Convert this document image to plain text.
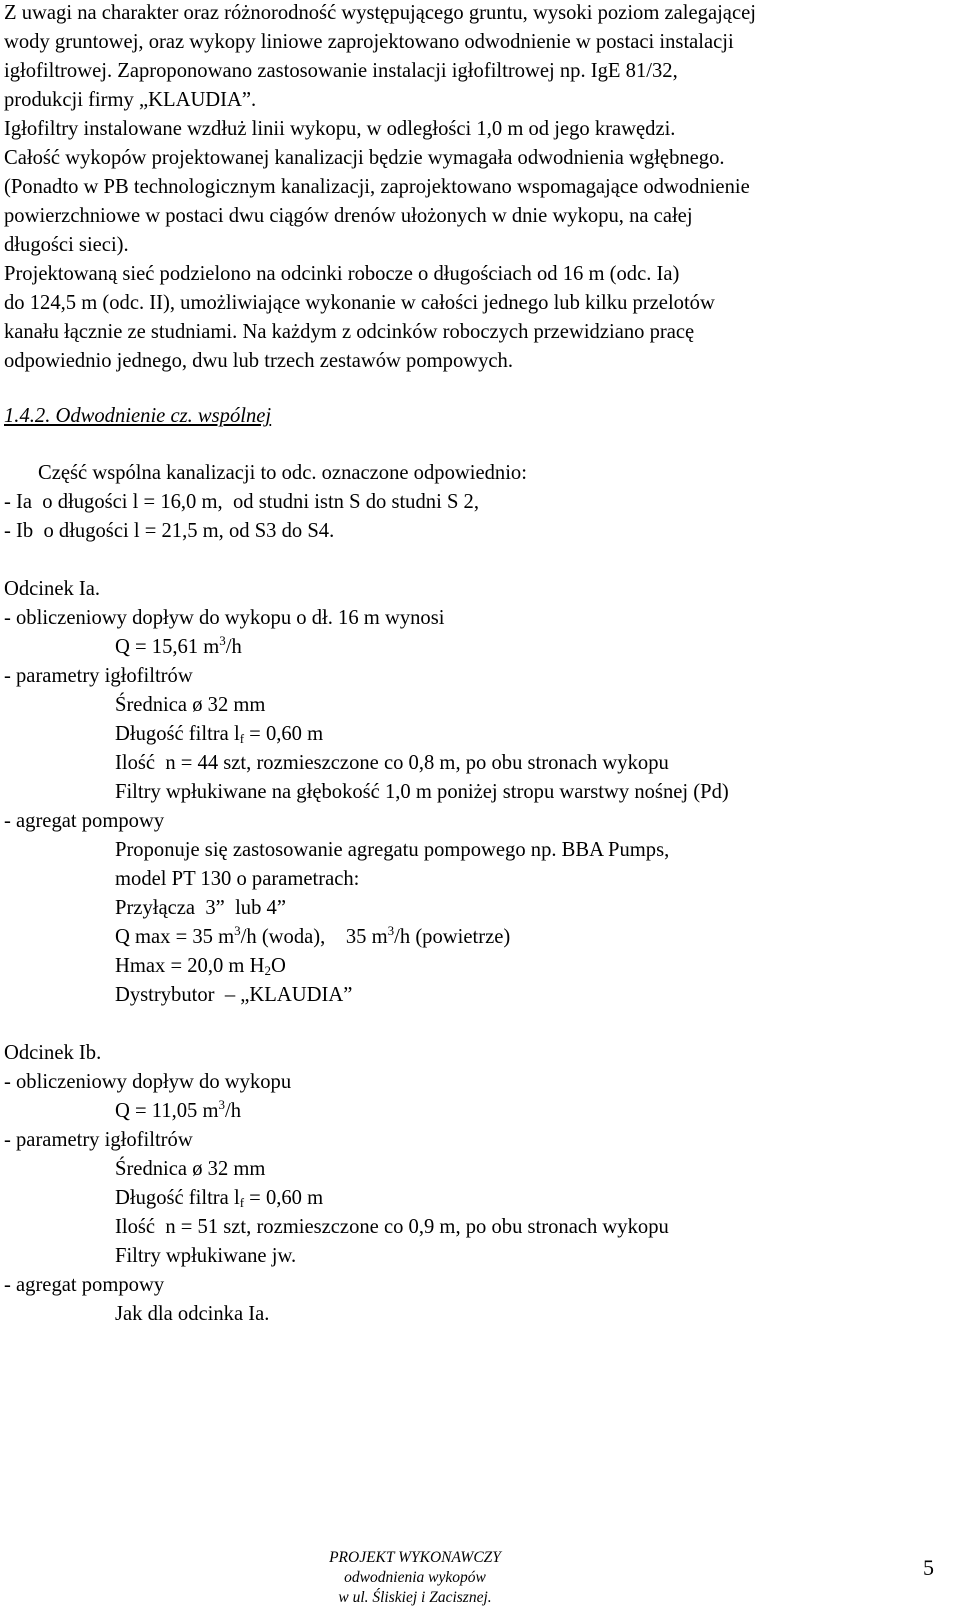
Z uwagi na charakter oraz różnorodność występującego gruntu, wysoki poziom zalegającej
wody gruntowej, oraz wykopy liniowe zaprojektowano odwodnienie w postaci instalacji
igłofiltrowej. Zaproponowano zastosowanie instalacji igłofiltrowej np. IgE 81/32,
produkcji firmy „KLAUDIA”.
Igłofiltry instalowane wzdłuż linii wykopu, w odległości 1,0 m od jego krawędzi.
Całość wykopów projektowanej kanalizacji będzie wymagała odwodnienia wgłębnego.
(Ponadto w PB technologicznym kanalizacji, zaprojektowano wspomagające odwodnienie
powierzchniowe w postaci dwu ciągów drenów ułożonych w dnie wykopu, na całej
długości sieci).
Projektowaną sieć podzielono na odcinki robocze o długościach od 16 m (odc. Ia)
do 124,5 m (odc. II), umożliwiające wykonanie w całości jednego lub kilku przelotów
kanału łącznie ze studniami. Na każdym z odcinków roboczych przewidziano pracę
odpowiednio jednego, dwu lub trzech zestawów pompowych.
1.4.2. Odwodnienie cz. wspólnej
Część wspólna kanalizacji to odc. oznaczone odpowiednio:
- Ia  o długości l = 16,0 m,  od studni istn S do studni S 2,
- Ib  o długości l = 21,5 m, od S3 do S4.
Odcinek Ia.
- obliczeniowy dopływ do wykopu o dł. 16 m wynosi
Q = 15,61 $m^3/h$
- parametry igłofiltrów
Średnica ø 32 mm
Długość filtra $l_f = 0,60$ m
Ilość  n = 44 szt, rozmieszczone co 0,8 m, po obu stronach wykopu
Filtry wpłukiwane na głębokość 1,0 m poniżej stropu warstwy nośnej (Pd)
- agregat pompowy
Proponuje się zastosowanie agregatu pompowego np. BBA Pumps,
model PT 130 o parametrach:
Przyłącza  3”  lub 4”
Q max = 35 $m^3/h$ (woda),    35 $m^3/h$ (powietrze)
Hmax = 20,0 m $H_2O$
Dystrybutor  – „KLAUDIA”
Odcinek Ib.
- obliczeniowy dopływ do wykopu
Q = 11,05 $m^3/h$
- parametry igłofiltrów
Średnica ø 32 mm
Długość filtra $l_f = 0,60$ m
Ilość  n = 51 szt, rozmieszczone co 0,9 m, po obu stronach wykopu
Filtry wpłukiwane jw.
- agregat pompowy
Jak dla odcinka Ia.
PROJEKT WYKONAWCZY
odwodnienia wykopów
w ul. Śliskiej i Zacisznej.
5
